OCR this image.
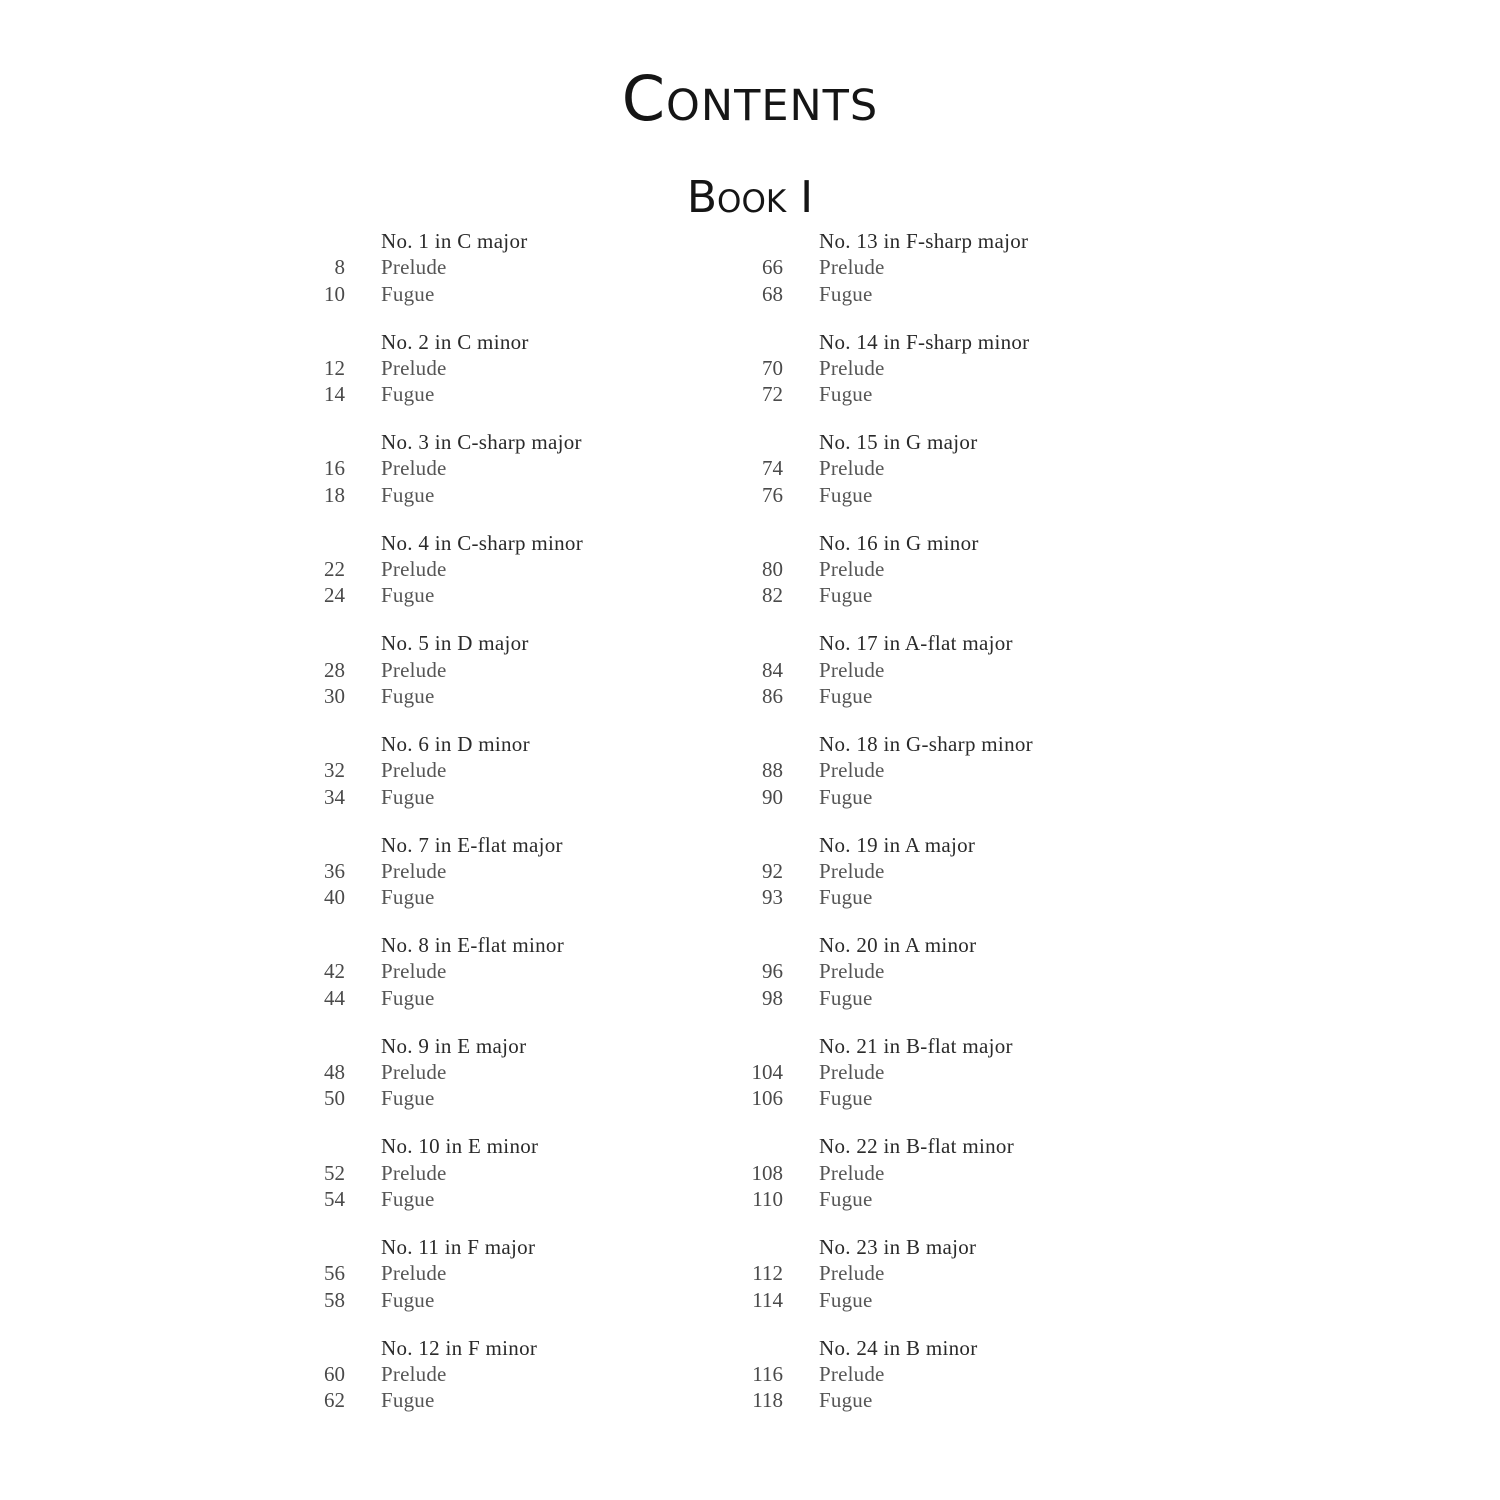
Contents
Book I
No. 1 in C major
8 Prelude
10 Fugue
No. 2 in C minor
12 Prelude
14 Fugue
No. 3 in C-sharp major
16 Prelude
18 Fugue
No. 4 in C-sharp minor
22 Prelude
24 Fugue
No. 5 in D major
28 Prelude
30 Fugue
No. 6 in D minor
32 Prelude
34 Fugue
No. 7 in E-flat major
36 Prelude
40 Fugue
No. 8 in E-flat minor
42 Prelude
44 Fugue
No. 9 in E major
48 Prelude
50 Fugue
No. 10 in E minor
52 Prelude
54 Fugue
No. 11 in F major
56 Prelude
58 Fugue
No. 12 in F minor
60 Prelude
62 Fugue
No. 13 in F-sharp major
66 Prelude
68 Fugue
No. 14 in F-sharp minor
70 Prelude
72 Fugue
No. 15 in G major
74 Prelude
76 Fugue
No. 16 in G minor
80 Prelude
82 Fugue
No. 17 in A-flat major
84 Prelude
86 Fugue
No. 18 in G-sharp minor
88 Prelude
90 Fugue
No. 19 in A major
92 Prelude
93 Fugue
No. 20 in A minor
96 Prelude
98 Fugue
No. 21 in B-flat major
104 Prelude
106 Fugue
No. 22 in B-flat minor
108 Prelude
110 Fugue
No. 23 in B major
112 Prelude
114 Fugue
No. 24 in B minor
116 Prelude
118 Fugue
